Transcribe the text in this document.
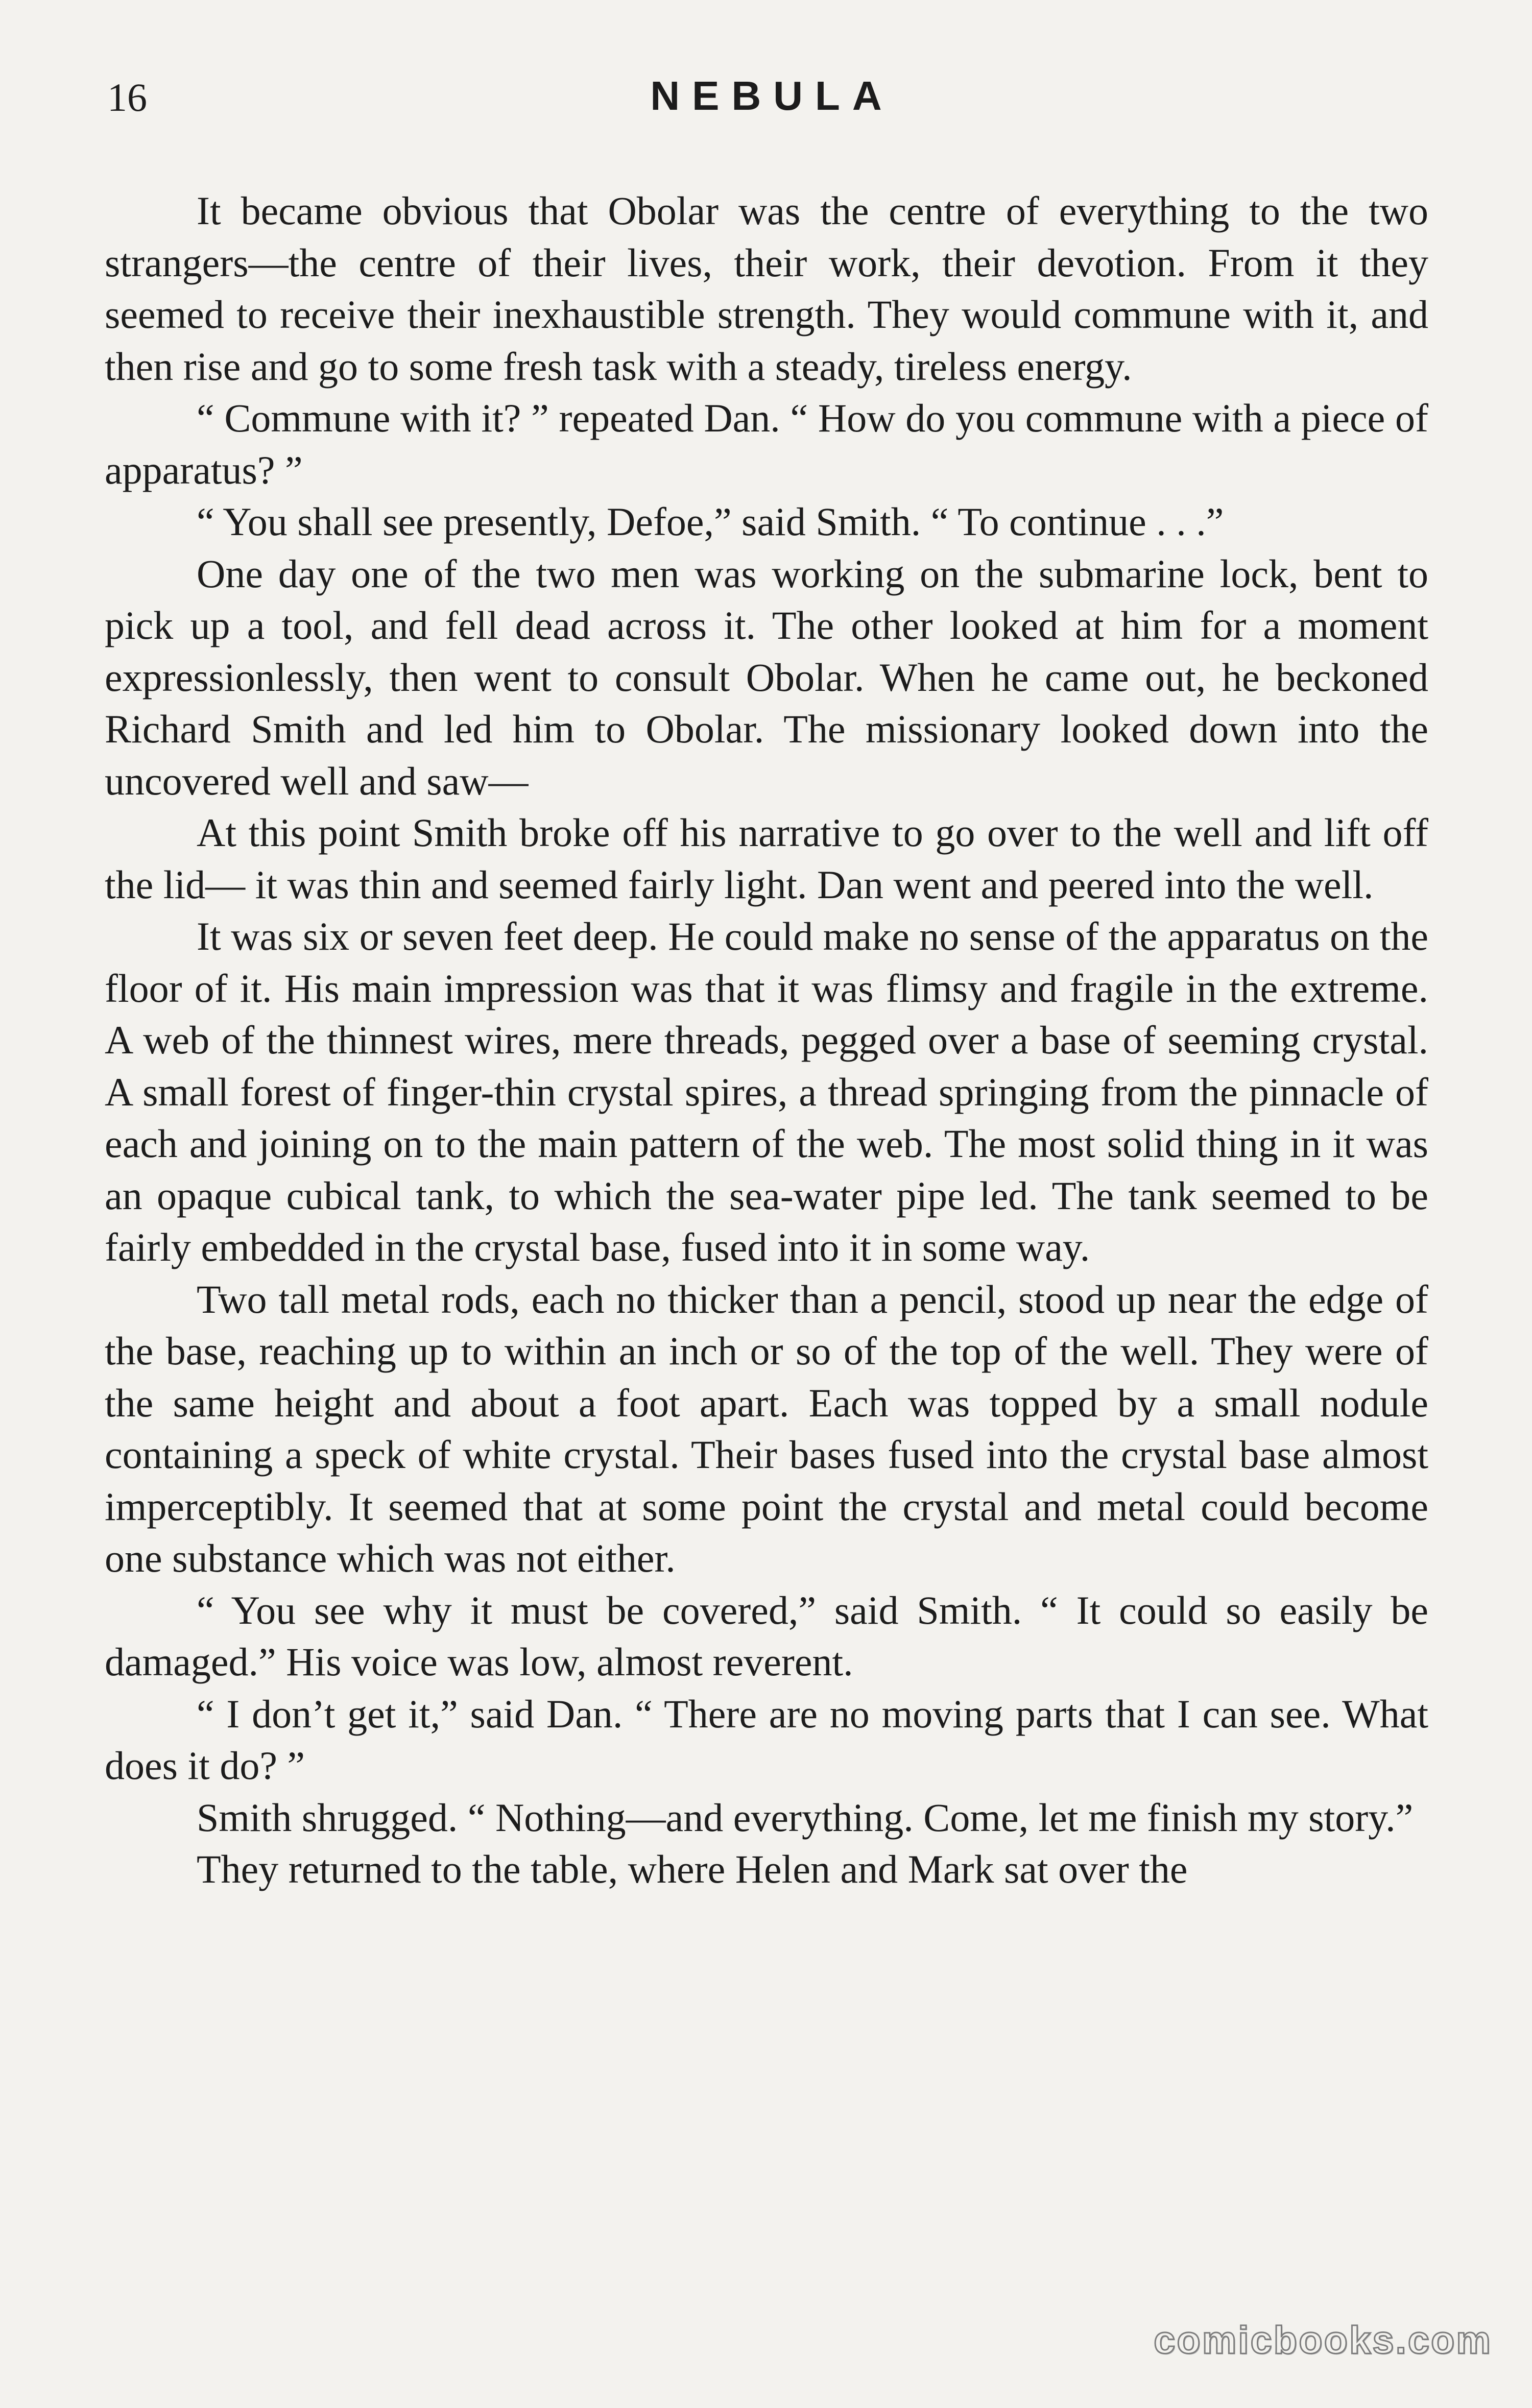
16	NEBULA

It became obvious that Obolar was the centre of everything to the two strangers—the centre of their lives, their work, their devotion. From it they seemed to receive their inexhaustible strength. They would commune with it, and then rise and go to some fresh task with a steady, tireless energy.

“ Commune with it? ” repeated Dan. “ How do you commune with a piece of apparatus? ”

“ You shall see presently, Defoe,” said Smith. “ To continue . . .”

One day one of the two men was working on the submarine lock, bent to pick up a tool, and fell dead across it. The other looked at him for a moment expressionlessly, then went to consult Obolar. When he came out, he beckoned Richard Smith and led him to Obolar. The missionary looked down into the uncovered well and saw—

At this point Smith broke off his narrative to go over to the well and lift off the lid— it was thin and seemed fairly light. Dan went and peered into the well.

It was six or seven feet deep. He could make no sense of the apparatus on the floor of it. His main impression was that it was flimsy and fragile in the extreme. A web of the thinnest wires, mere threads, pegged over a base of seeming crystal. A small forest of finger-thin crystal spires, a thread springing from the pinnacle of each and joining on to the main pattern of the web. The most solid thing in it was an opaque cubical tank, to which the sea-water pipe led. The tank seemed to be fairly embedded in the crystal base, fused into it in some way.

Two tall metal rods, each no thicker than a pencil, stood up near the edge of the base, reaching up to within an inch or so of the top of the well. They were of the same height and about a foot apart. Each was topped by a small nodule containing a speck of white crystal. Their bases fused into the crystal base almost imperceptibly. It seemed that at some point the crystal and metal could become one substance which was not either.

“ You see why it must be covered,” said Smith. “ It could so easily be damaged.” His voice was low, almost reverent.

“ I don’t get it,” said Dan. “ There are no moving parts that I can see. What does it do? ”

Smith shrugged. “ Nothing—and everything. Come, let me finish my story.”

They returned to the table, where Helen and Mark sat over the

comicbooks.com
